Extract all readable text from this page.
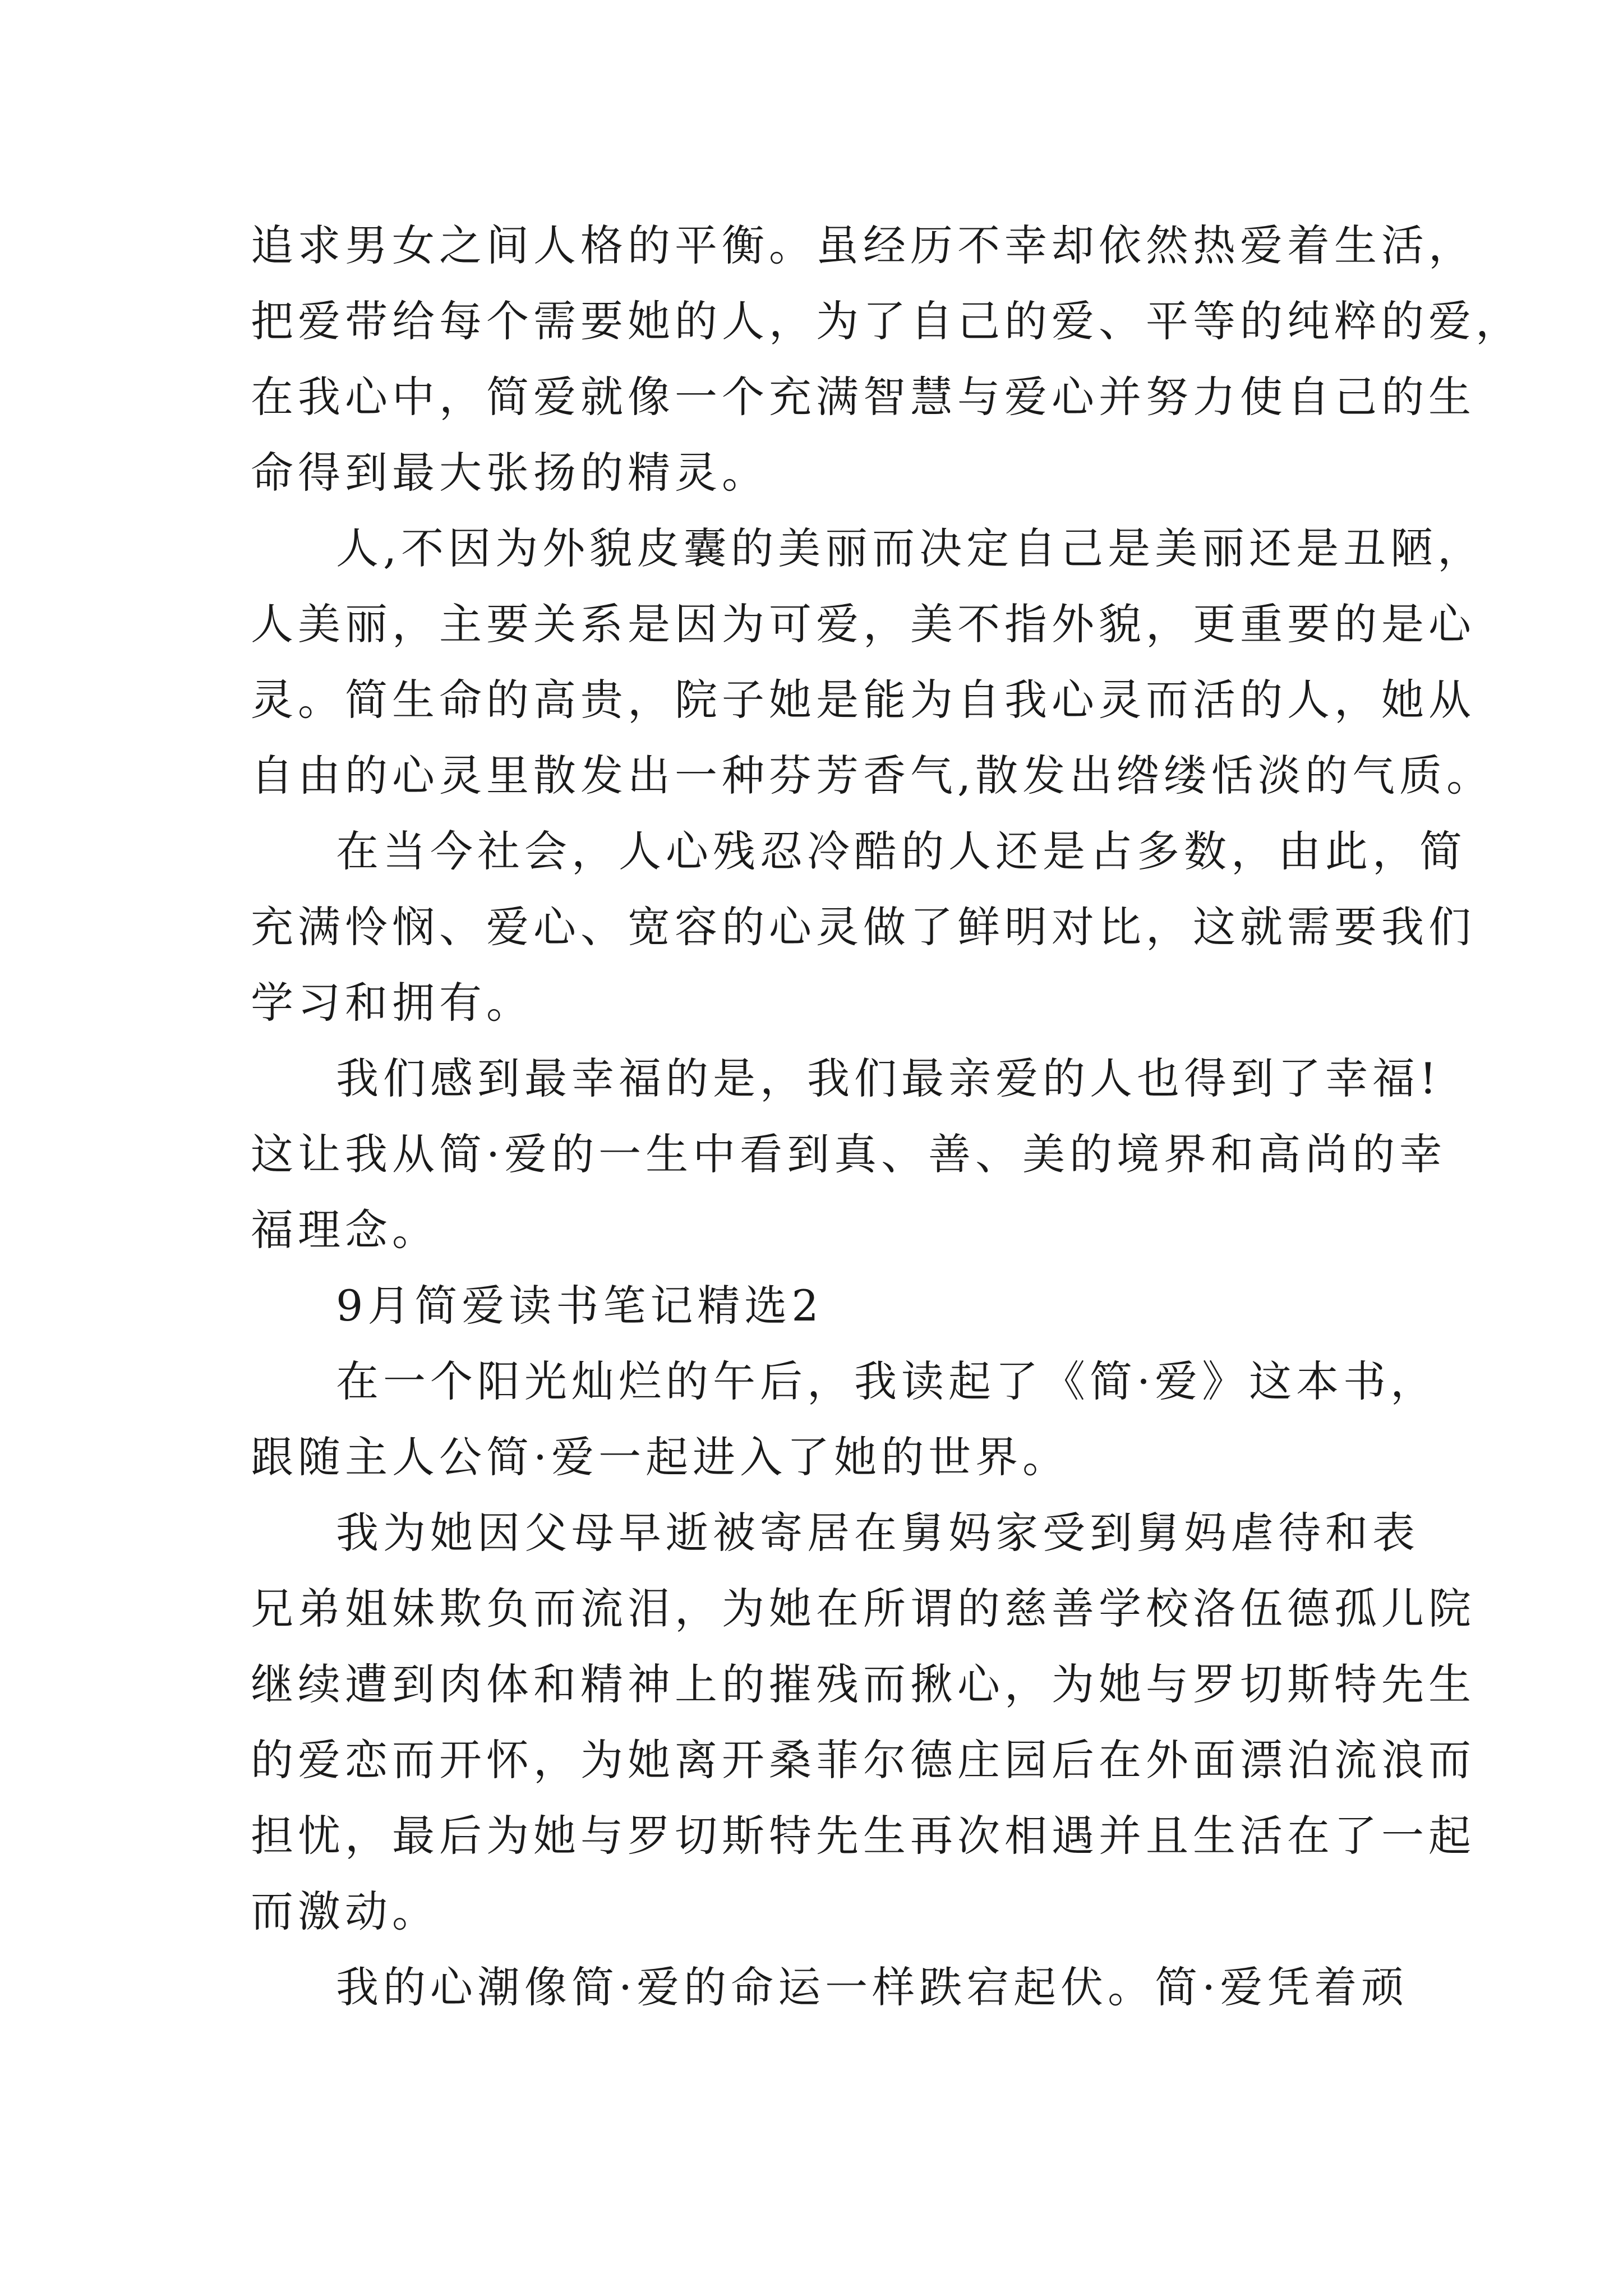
追求男女之间人格的平衡。虽经历不幸却依然热爱着生活，
把爱带给每个需要她的人，为了自己的爱、平等的纯粹的爱，
在我心中，简爱就像一个充满智慧与爱心并努力使自己的生
命得到最大张扬的精灵。
人,不因为外貌皮囊的美丽而决定自己是美丽还是丑陋，
人美丽，主要关系是因为可爱，美不指外貌，更重要的是心
灵。简生命的高贵，院子她是能为自我心灵而活的人，她从
自由的心灵里散发出一种芬芳香气,散发出绺缕恬淡的气质。
在当今社会，人心残忍冷酷的人还是占多数，由此，简
充满怜悯、爱心、宽容的心灵做了鲜明对比，这就需要我们
学习和拥有。
我们感到最幸福的是，我们最亲爱的人也得到了幸福!
这让我从简·爱的一生中看到真、善、美的境界和高尚的幸
福理念。
9月简爱读书笔记精选2
在一个阳光灿烂的午后，我读起了《简·爱》这本书，
跟随主人公简·爱一起进入了她的世界。
我为她因父母早逝被寄居在舅妈家受到舅妈虐待和表
兄弟姐妹欺负而流泪，为她在所谓的慈善学校洛伍德孤儿院
继续遭到肉体和精神上的摧残而揪心，为她与罗切斯特先生
的爱恋而开怀，为她离开桑菲尔德庄园后在外面漂泊流浪而
担忧，最后为她与罗切斯特先生再次相遇并且生活在了一起
而激动。
我的心潮像简·爱的命运一样跌宕起伏。简·爱凭着顽
